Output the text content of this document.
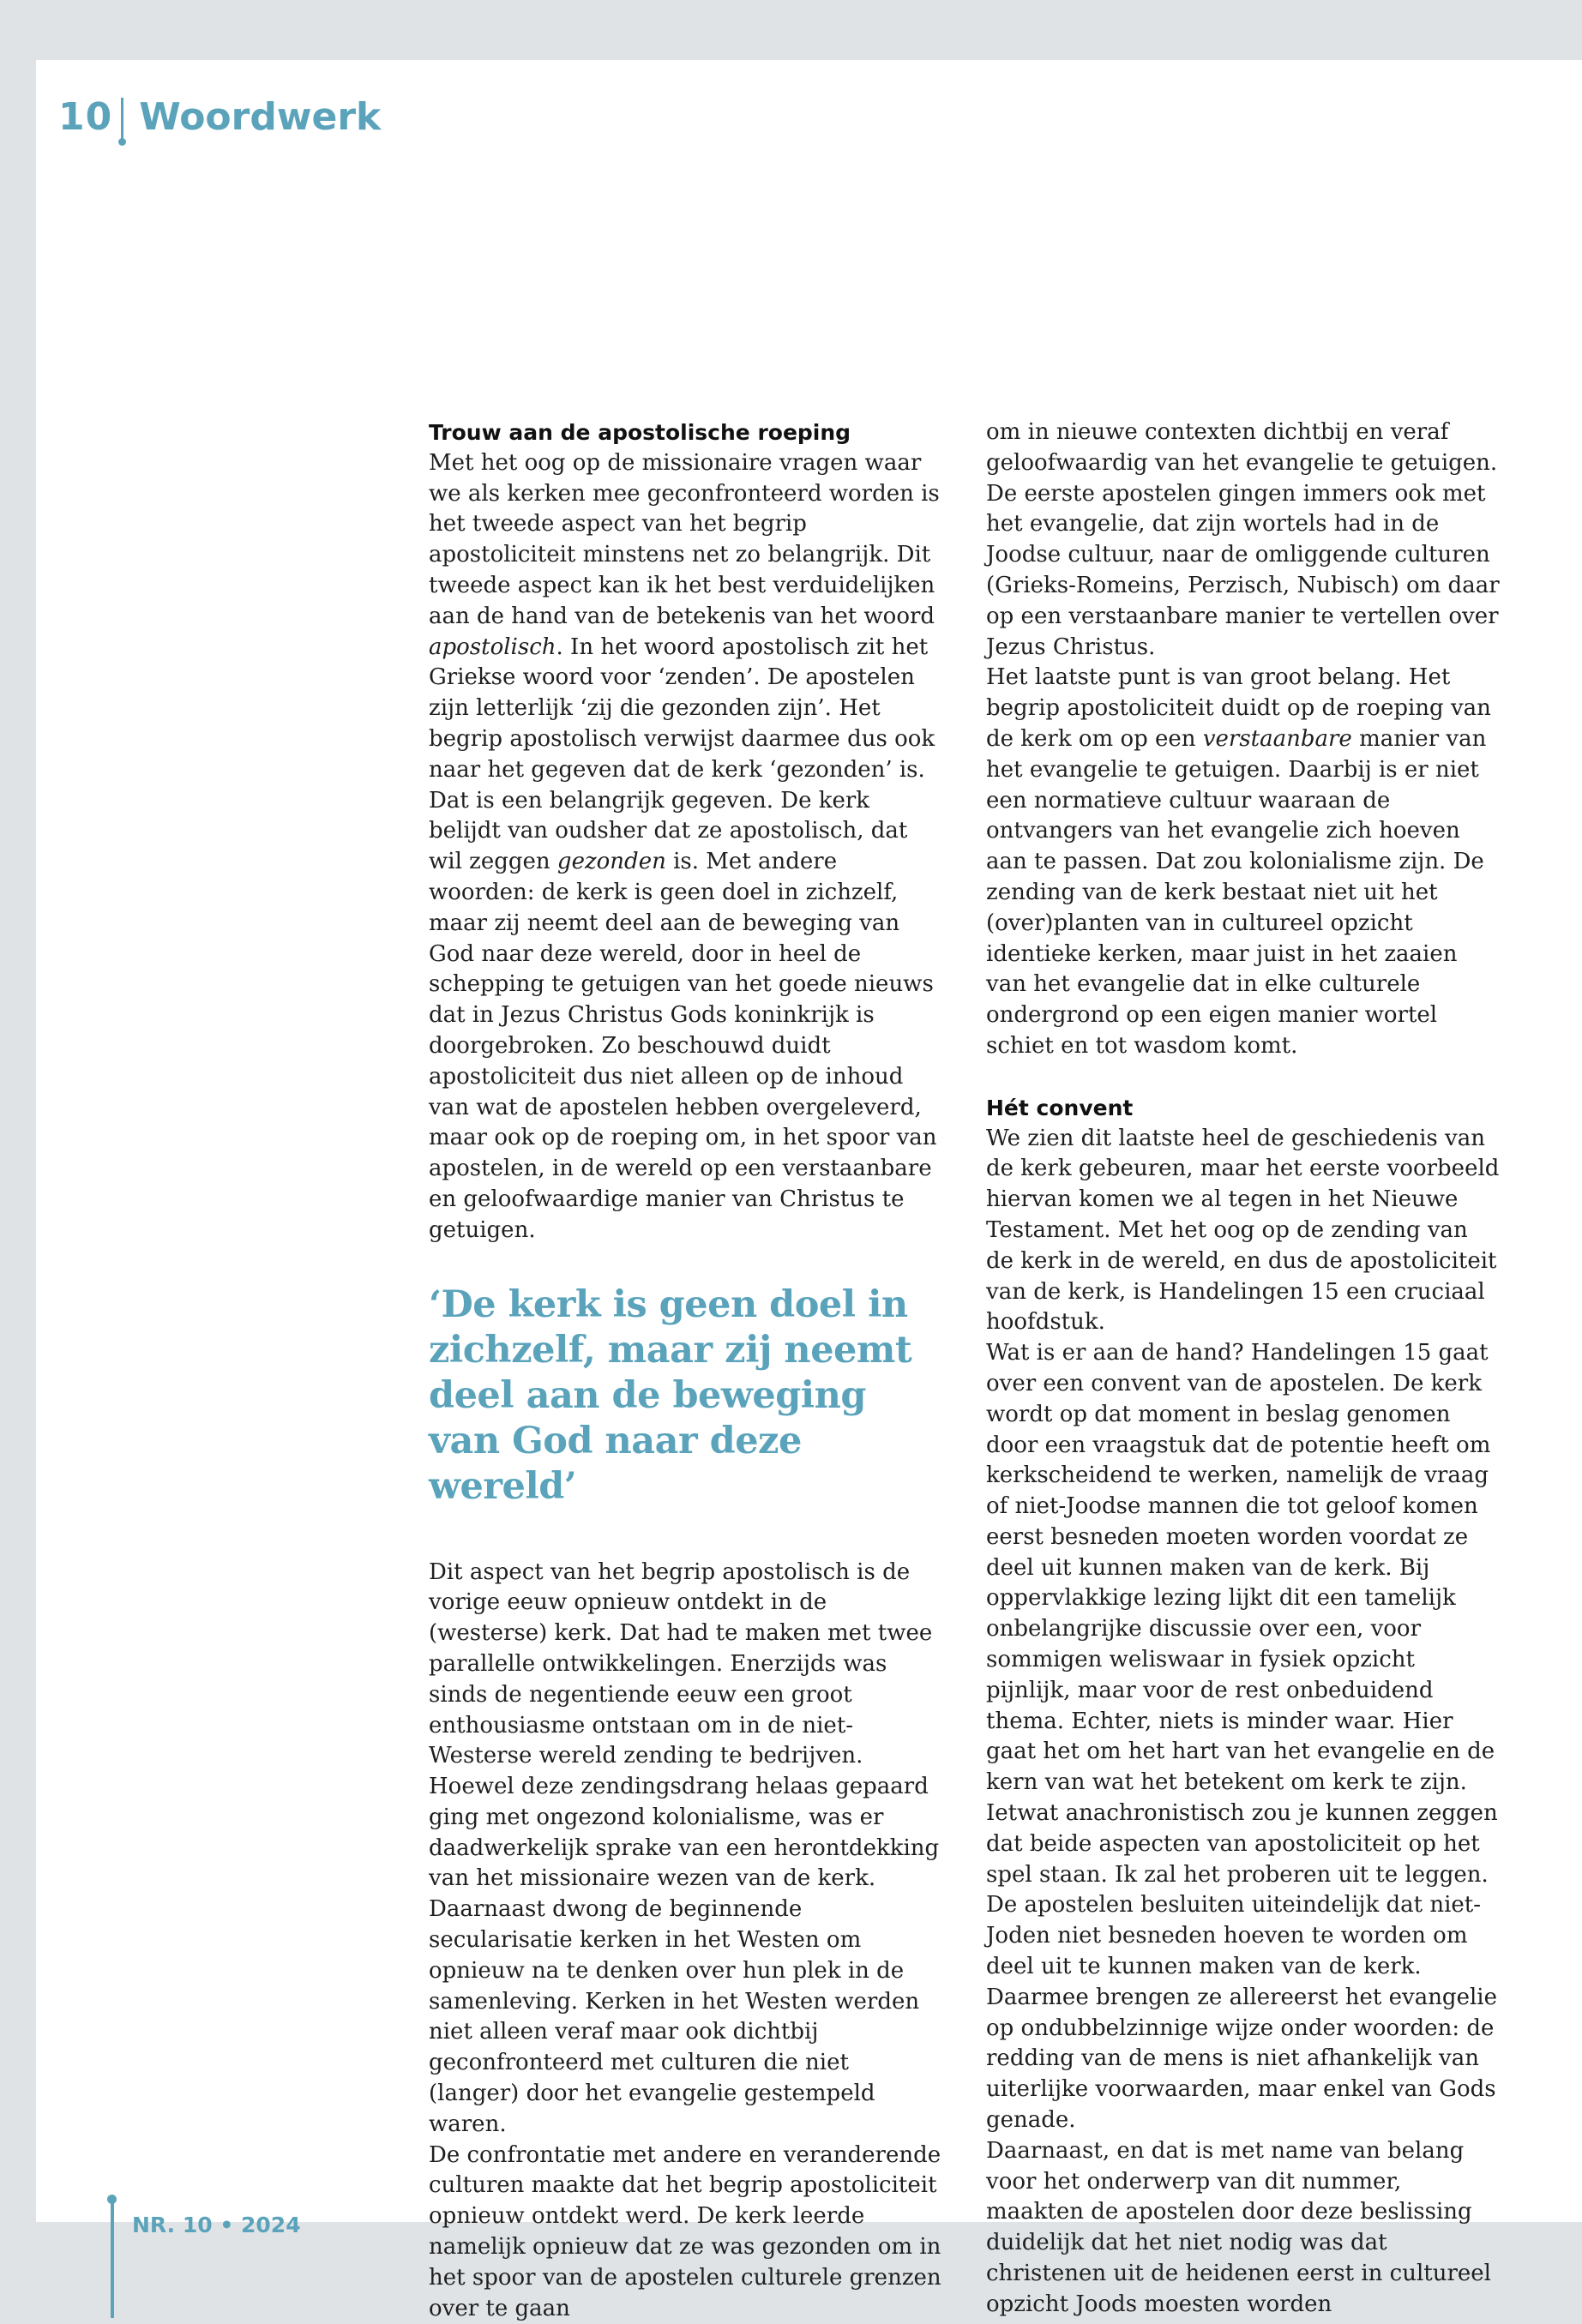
10 Woordwerk
Trouw aan de apostolische roeping

Met het oog op de missionaire vragen waar we als kerken mee geconfronteerd worden is het tweede aspect van het begrip apostoliciteit minstens net zo belangrijk. Dit tweede aspect kan ik het best verduidelijken aan de hand van de betekenis van het woord apostolisch. In het woord apostolisch zit het Griekse woord voor ‘zenden’. De apostelen zijn letterlijk ‘zij die gezonden zijn’. Het begrip apostolisch verwijst daarmee dus ook naar het gegeven dat de kerk ‘gezonden’ is.

Dat is een belangrijk gegeven. De kerk belijdt van oudsher dat ze apostolisch, dat wil zeggen gezonden is. Met andere woorden: de kerk is geen doel in zichzelf, maar zij neemt deel aan de beweging van God naar deze wereld, door in heel de schepping te getuigen van het goede nieuws dat in Jezus Christus Gods koninkrijk is doorgebroken. Zo beschouwd duidt apostoliciteit dus niet alleen op de inhoud van wat de apostelen hebben overgeleverd, maar ook op de roeping om, in het spoor van apostelen, in de wereld op een verstaanbare en geloofwaardige manier van Christus te getuigen.

‘De kerk is geen doel in zichzelf, maar zij neemt deel aan de beweging van God naar deze wereld’

Dit aspect van het begrip apostolisch is de vorige eeuw opnieuw ontdekt in de (westerse) kerk. Dat had te maken met twee parallelle ontwikkelingen. Enerzijds was sinds de negentiende eeuw een groot enthousiasme ontstaan om in de niet-Westerse wereld zending te bedrijven. Hoewel deze zendingsdrang helaas gepaard ging met ongezond kolonialisme, was er daadwerkelijk sprake van een herontdekking van het missionaire wezen van de kerk. Daarnaast dwong de beginnende secularisatie kerken in het Westen om opnieuw na te denken over hun plek in de samenleving. Kerken in het Westen werden niet alleen veraf maar ook dichtbij geconfronteerd met culturen die niet (langer) door het evangelie gestempeld waren.

De confrontatie met andere en veranderende culturen maakte dat het begrip apostoliciteit opnieuw ontdekt werd. De kerk leerde namelijk opnieuw dat ze was gezonden om in het spoor van de apostelen culturele grenzen over te gaan

om in nieuwe contexten dichtbij en veraf geloofwaardig van het evangelie te getuigen. De eerste apostelen gingen immers ook met het evangelie, dat zijn wortels had in de Joodse cultuur, naar de omliggende culturen (Grieks-Romeins, Perzisch, Nubisch) om daar op een verstaanbare manier te vertellen over Jezus Christus.

Het laatste punt is van groot belang. Het begrip apostoliciteit duidt op de roeping van de kerk om op een verstaanbare manier van het evangelie te getuigen. Daarbij is er niet een normatieve cultuur waaraan de ontvangers van het evangelie zich hoeven aan te passen. Dat zou kolonialisme zijn. De zending van de kerk bestaat niet uit het (over)planten van in cultureel opzicht identieke kerken, maar juist in het zaaien van het evangelie dat in elke culturele ondergrond op een eigen manier wortel schiet en tot wasdom komt.

Hét convent

We zien dit laatste heel de geschiedenis van de kerk gebeuren, maar het eerste voorbeeld hiervan komen we al tegen in het Nieuwe Testament. Met het oog op de zending van de kerk in de wereld, en dus de apostoliciteit van de kerk, is Handelingen 15 een cruciaal hoofdstuk.

Wat is er aan de hand? Handelingen 15 gaat over een convent van de apostelen. De kerk wordt op dat moment in beslag genomen door een vraagstuk dat de potentie heeft om kerkscheidend te werken, namelijk de vraag of niet-Joodse mannen die tot geloof komen eerst besneden moeten worden voordat ze deel uit kunnen maken van de kerk. Bij oppervlakkige lezing lijkt dit een tamelijk onbelangrijke discussie over een, voor sommigen weliswaar in fysiek opzicht pijnlijk, maar voor de rest onbeduidend thema. Echter, niets is minder waar. Hier gaat het om het hart van het evangelie en de kern van wat het betekent om kerk te zijn. Ietwat anachronistisch zou je kunnen zeggen dat beide aspecten van apostoliciteit op het spel staan. Ik zal het proberen uit te leggen.

De apostelen besluiten uiteindelijk dat niet-Joden niet besneden hoeven te worden om deel uit te kunnen maken van de kerk. Daarmee brengen ze allereerst het evangelie op ondubbelzinnige wijze onder woorden: de redding van de mens is niet afhankelijk van uiterlijke voorwaarden, maar enkel van Gods genade.

Daarnaast, en dat is met name van belang voor het onderwerp van dit nummer, maakten de apostelen door deze beslissing duidelijk dat het niet nodig was dat christenen uit de heidenen eerst in cultureel opzicht Joods moesten worden

NR. 10 • 2024
